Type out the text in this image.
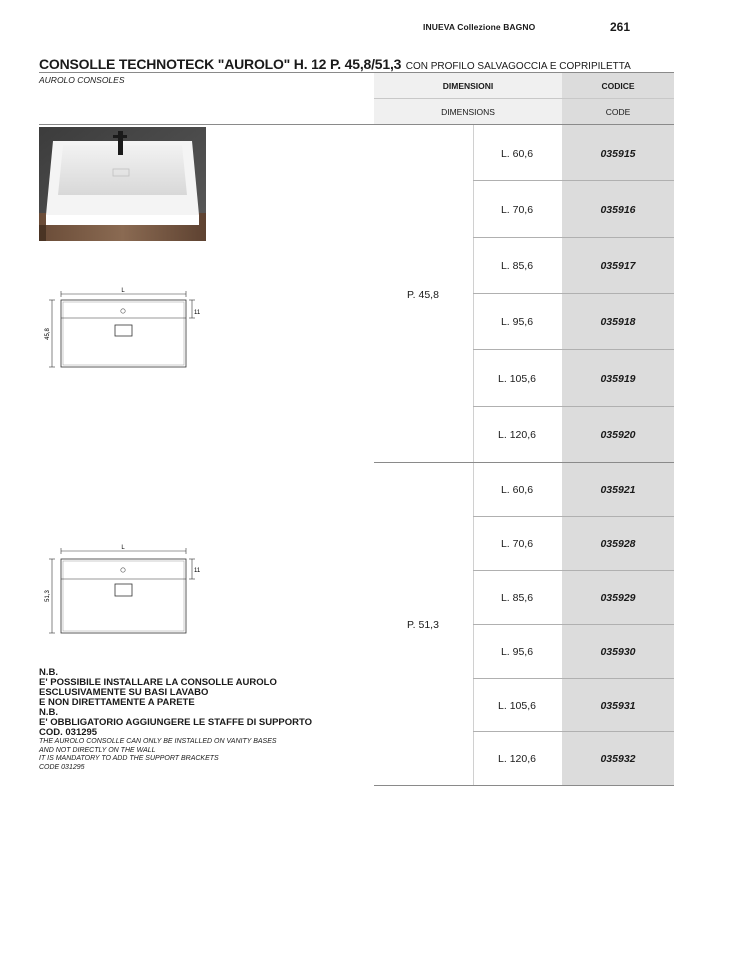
INUEVA Collezione BAGNO	261
CONSOLLE TECHNOTECK "AUROLO" H. 12 P. 45,8/51,3 CON PROFILO SALVAGOCCIA E COPRIPILETTA
AUROLO CONSOLES
DIMENSIONI	CODICE
DIMENSIONS	CODE
P. 45,8
L. 60,6	035915
L. 70,6	035916
L. 85,6	035917
L. 95,6	035918
L. 105,6	035919
L. 120,6	035920
P. 51,3
L. 60,6	035921
L. 70,6	035928
L. 85,6	035929
L. 95,6	035930
L. 105,6	035931
L. 120,6	035932
L
45,8
11
L
51,3
11
N.B.
E' POSSIBILE INSTALLARE LA CONSOLLE AUROLO
ESCLUSIVAMENTE SU BASI LAVABO
E NON DIRETTAMENTE A PARETE
N.B.
E' OBBLIGATORIO AGGIUNGERE LE STAFFE DI SUPPORTO
COD. 031295
THE AUROLO CONSOLLE CAN ONLY BE INSTALLED ON VANITY BASES
AND NOT DIRECTLY ON THE WALL
IT IS MANDATORY TO ADD THE SUPPORT BRACKETS
CODE 031295
